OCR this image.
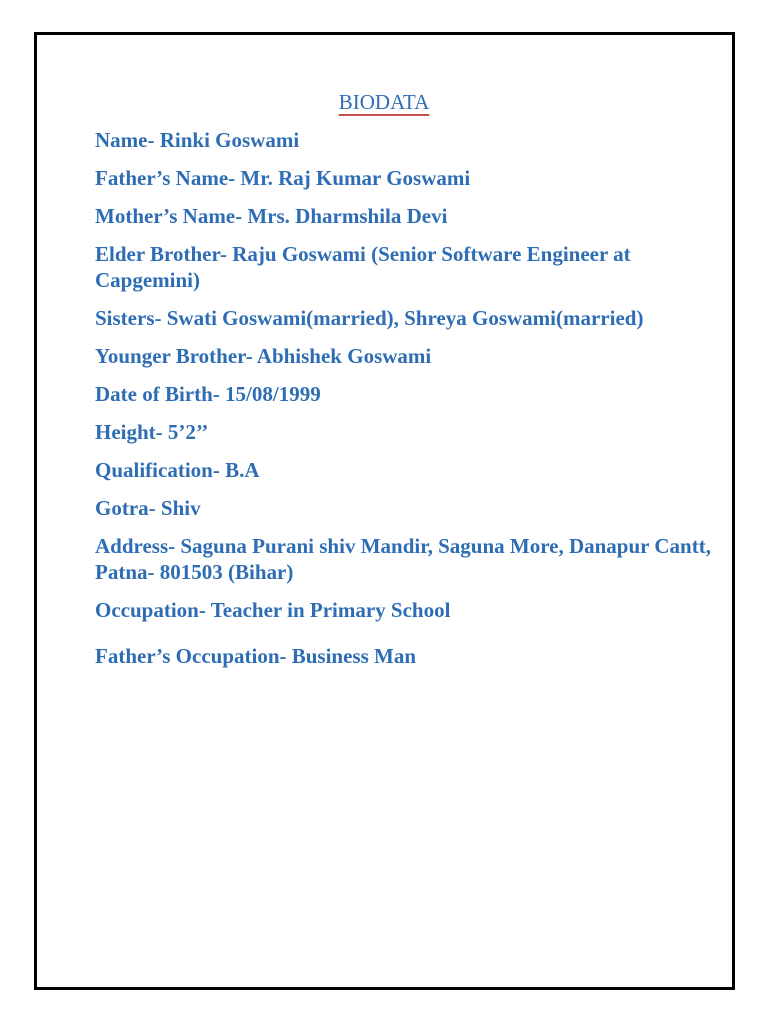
BIODATA
Name- Rinki Goswami
Father’s Name- Mr. Raj Kumar Goswami
Mother’s Name- Mrs. Dharmshila Devi
Elder Brother- Raju Goswami (Senior Software Engineer at Capgemini)
Sisters- Swati Goswami(married), Shreya Goswami(married)
Younger Brother- Abhishek Goswami
Date of Birth- 15/08/1999
Height- 5’2’’
Qualification- B.A
Gotra- Shiv
Address- Saguna Purani shiv Mandir, Saguna More, Danapur Cantt, Patna- 801503 (Bihar)
Occupation- Teacher in Primary School
Father’s Occupation- Business Man
